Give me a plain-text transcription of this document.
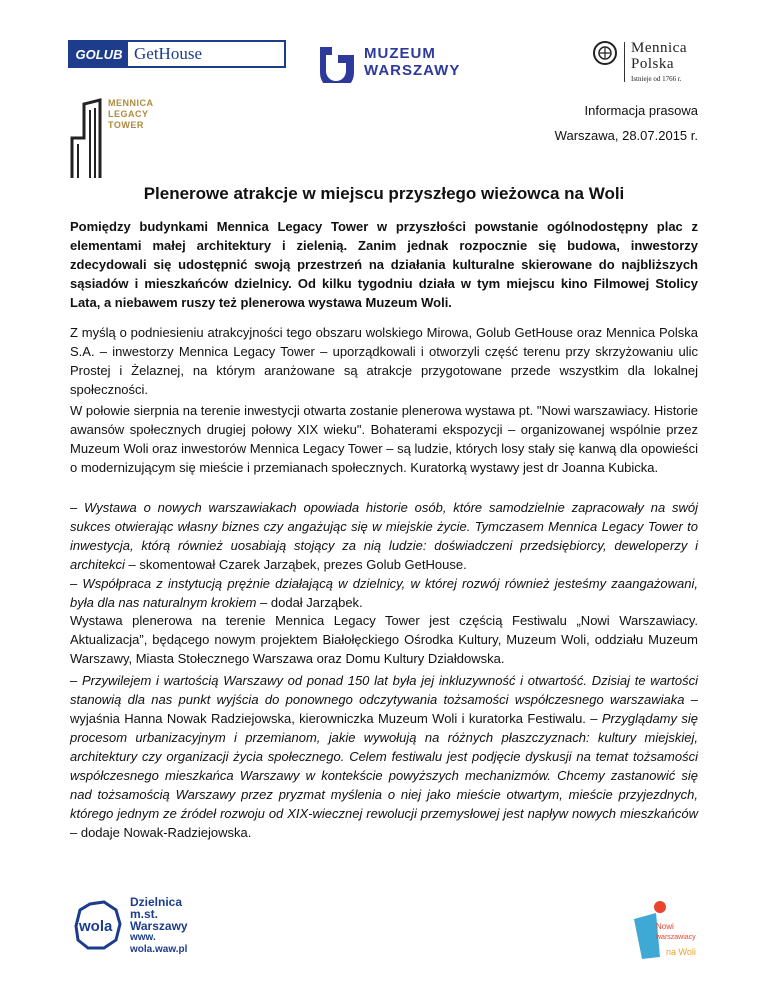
GOLUB GetHouse	MUZEUM
WARSZAWY
Mennica
Polska
Istnieje od 1766 r.
MENNICA
LEGACY
TOWER
Informacja prasowa
Warszawa, 28.07.2015 r.
Plenerowe atrakcje w miejscu przyszłego wieżowca na Woli

Pomiędzy budynkami Mennica Legacy Tower w przyszłości powstanie ogólnodostępny plac z elementami małej architektury i zielenią. Zanim jednak rozpocznie się budowa, inwestorzy zdecydowali się udostępnić swoją przestrzeń na działania kulturalne skierowane do najbliższych sąsiadów i mieszkańców dzielnicy. Od kilku tygodniu działa w tym miejscu kino Filmowej Stolicy Lata, a niebawem ruszy też plenerowa wystawa Muzeum Woli.

Z myślą o podniesieniu atrakcyjności tego obszaru wolskiego Mirowa, Golub GetHouse oraz Mennica Polska S.A. – inwestorzy Mennica Legacy Tower – uporządkowali i otworzyli część terenu przy skrzyżowaniu ulic Prostej i Żelaznej, na którym aranżowane są atrakcje przygotowane przede wszystkim dla lokalnej społeczności.

W połowie sierpnia na terenie inwestycji otwarta zostanie plenerowa wystawa pt. "Nowi warszawiacy. Historie awansów społecznych drugiej połowy XIX wieku". Bohaterami ekspozycji – organizowanej wspólnie przez Muzeum Woli oraz inwestorów Mennica Legacy Tower – są ludzie, których losy stały się kanwą dla opowieści o modernizującym się mieście i przemianach społecznych. Kuratorką wystawy jest dr Joanna Kubicka.

– Wystawa o nowych warszawiakach opowiada historie osób, które samodzielnie zapracowały na swój sukces otwierając własny biznes czy angażując się w miejskie życie. Tymczasem Mennica Legacy Tower to inwestycja, którą również uosabiają stojący za nią ludzie: doświadczeni przedsiębiorcy, deweloperzy i architekci – skomentował Czarek Jarząbek, prezes Golub GetHouse.
– Współpraca z instytucją prężnie działającą w dzielnicy, w której rozwój również jesteśmy zaangażowani, była dla nas naturalnym krokiem – dodał Jarząbek.

Wystawa plenerowa na terenie Mennica Legacy Tower jest częścią Festiwalu „Nowi Warszawiacy. Aktualizacja”, będącego nowym projektem Białołęckiego Ośrodka Kultury, Muzeum Woli, oddziału Muzeum Warszawy, Miasta Stołecznego Warszawa oraz Domu Kultury Działdowska.

– Przywilejem i wartością Warszawy od ponad 150 lat była jej inkluzywność i otwartość. Dzisiaj te wartości stanowią dla nas punkt wyjścia do ponownego odczytywania tożsamości współczesnego warszawiaka – wyjaśnia Hanna Nowak Radziejowska, kierowniczka Muzeum Woli i kuratorka Festiwalu. – Przyglądamy się procesom urbanizacyjnym i przemianom, jakie wywołują na różnych płaszczyznach: kultury miejskiej, architektury czy organizacji życia społecznego. Celem festiwalu jest podjęcie dyskusji na temat tożsamości współczesnego mieszkańca Warszawy w kontekście powyższych mechanizmów. Chcemy zastanowić się nad tożsamością Warszawy przez pryzmat myślenia o niej jako mieście otwartym, mieście przyjezdnych, którego jednym ze źródeł rozwoju od XIX-wiecznej rewolucji przemysłowej jest napływ nowych mieszkańców – dodaje Nowak-Radziejowska.

wola
Dzielnica
m.st.
Warszawy
www.
wola.waw.pl
Nowi
warszawiacy
na Woli
